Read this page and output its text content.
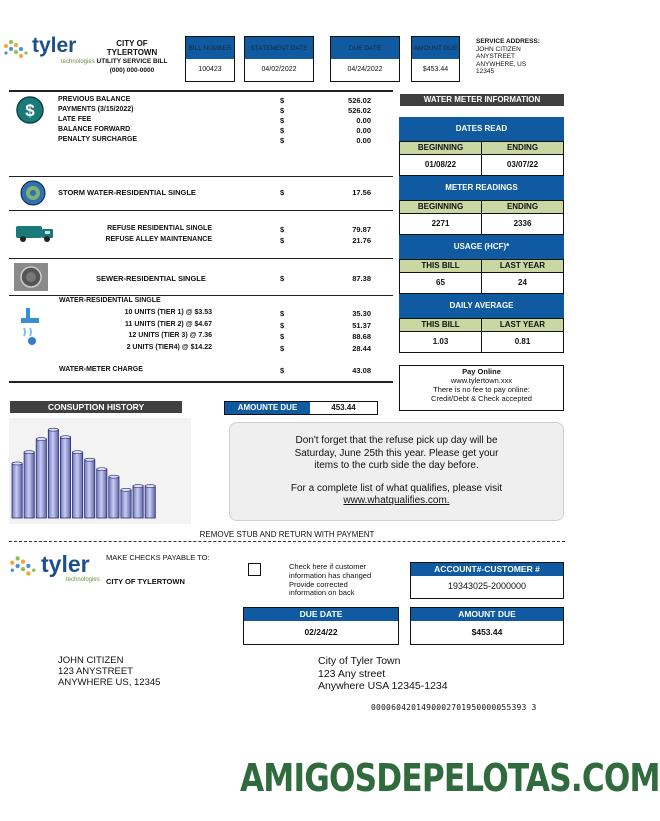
tyler
technologies
CITY OF
TYLERTOWN
UTILITY SERVICE BILL
(000) 000-0000
BILL NUMBER
100423
STATEMENT DATE
04/02/2022
DUE DATE
04/24/2022
AMOUNT DUE
$453.44
SERVICE ADDRESS:
JOHN CITIZEN
ANYSTREET
ANYWHERE, US
12345
$
PREVIOUS BALANCE	$	526.02
PAYMENTS (3/15/2022)	$	526.02
LATE FEE	$	0.00
BALANCE FORWARD	$	0.00
PENALTY SURCHARGE	$	0.00
STORM WATER-RESIDENTIAL SINGLE	$	17.56
REFUSE RESIDENTIAL SINGLE	$	79.87
REFUSE ALLEY MAINTENANCE	$	21.76
SEWER-RESIDENTIAL SINGLE	$	87.38
WATER-RESIDENTIAL SINGLE
10 UNITS (TIER 1) @ $3.53	$	35.30
11 UNITS (TIER 2) @ $4.67	$	51.37
12 UNITS (TIER 3) @ 7.36	$	88.68
2 UNITS (TIER4) @ $14.22	$	28.44
WATER-METER CHARGE	$	43.08
WATER METER INFORMATION
DATES READ
BEGINNING	ENDING
01/08/22	03/07/22
METER READINGS
BEGINNING	ENDING
2271	2336
USAGE (HCF)*
THIS BILL	LAST YEAR
65	24
DAILY AVERAGE
THIS BILL	LAST YEAR
1.03	0.81
Pay Online
www.tylertown.xxx
There is no fee to pay online:
Credit/Debt & Check accepted
CONSUPTION HISTORY	AMOUNTE DUE	453.44
Don't forget that the refuse pick up day will be
Saturday, June 25th this year. Please get your
items to the curb side the day before.
For a complete list of what qualifies, please visit
www.whatqualifies.com.
REMOVE STUB AND RETURN WITH PAYMENT
tyler
technologies
MAKE CHECKS PAYABLE TO:
CITY OF TYLERTOWN
Check here if customer
information has changed
Provide corrected
information on back
ACCOUNT#-CUSTOMER #
19343025-2000000
DUE DATE
02/24/22
AMOUNT DUE
$453.44
JOHN CITIZEN
123 ANYSTREET
ANYWHERE US, 12345
City of Tyler Town
123 Any street
Anywhere USA 12345-1234
0000604201490002701950000055393 3
AMIGOSDEPELOTAS.COM
